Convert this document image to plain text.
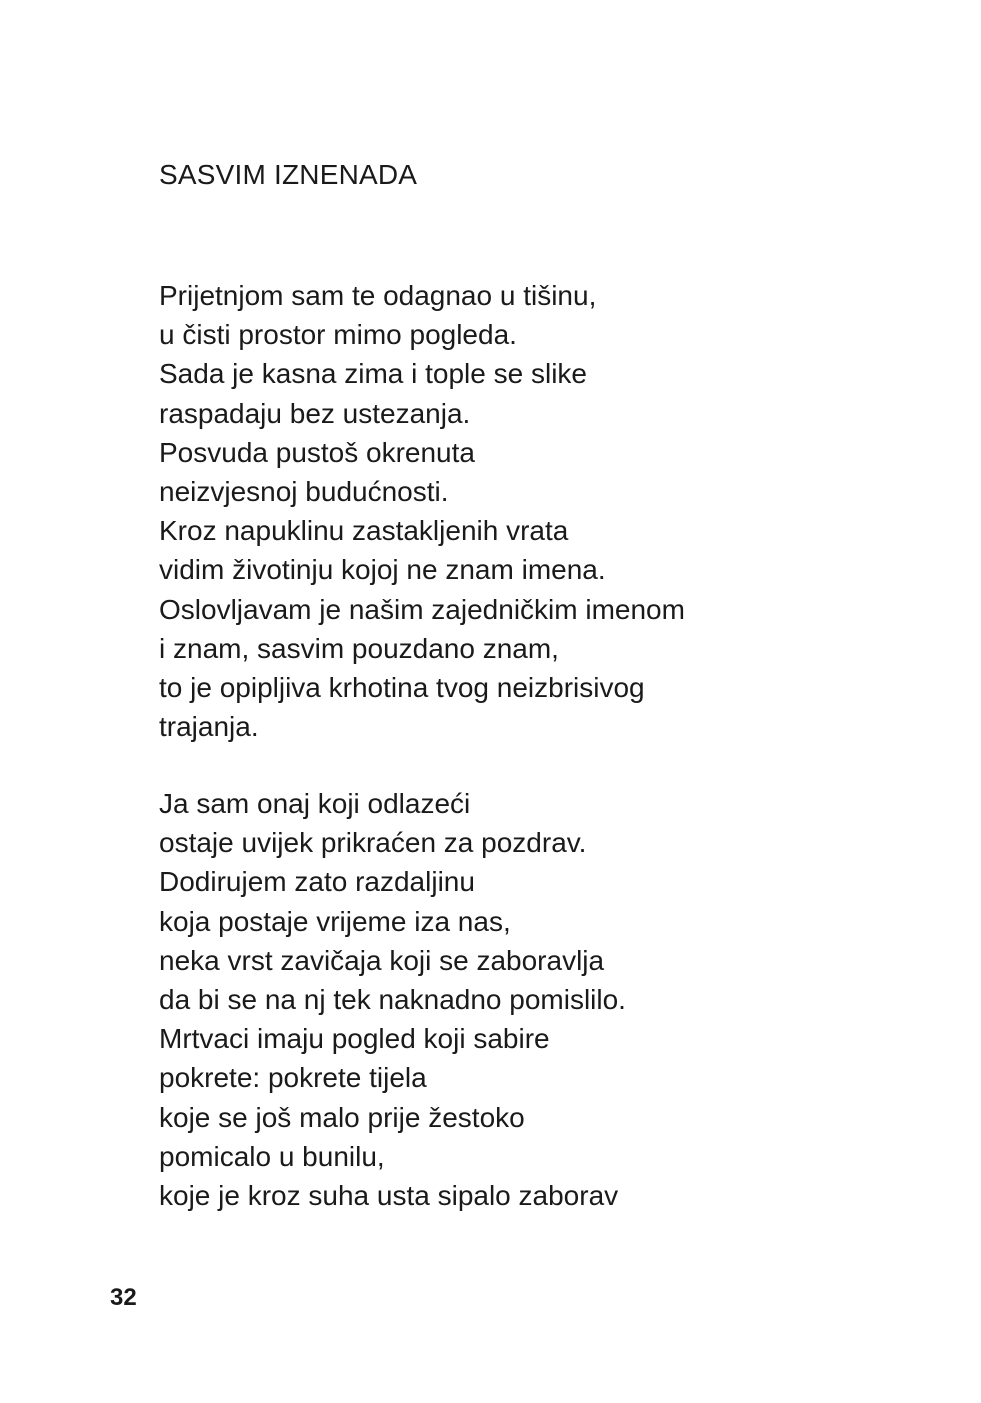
SASVIM IZNENADA
Prijetnjom sam te odagnao u tišinu,
u čisti prostor mimo pogleda.
Sada je kasna zima i tople se slike
raspadaju bez ustezanja.
Posvuda pustoš okrenuta
neizvjesnoj budućnosti.
Kroz napuklinu zastakljenih vrata
vidim životinju kojoj ne znam imena.
Oslovljavam je našim zajedničkim imenom
i znam, sasvim pouzdano znam,
to je opipljiva krhotina tvog neizbrisivog
trajanja.
Ja sam onaj koji odlazeći
ostaje uvijek prikraćen za pozdrav.
Dodirujem zato razdaljinu
koja postaje vrijeme iza nas,
neka vrst zavičaja koji se zaboravlja
da bi se na nj tek naknadno pomislilo.
Mrtvaci imaju pogled koji sabire
pokrete: pokrete tijela
koje se još malo prije žestoko
pomicalo u bunilu,
koje je kroz suha usta sipalo zaborav

32
